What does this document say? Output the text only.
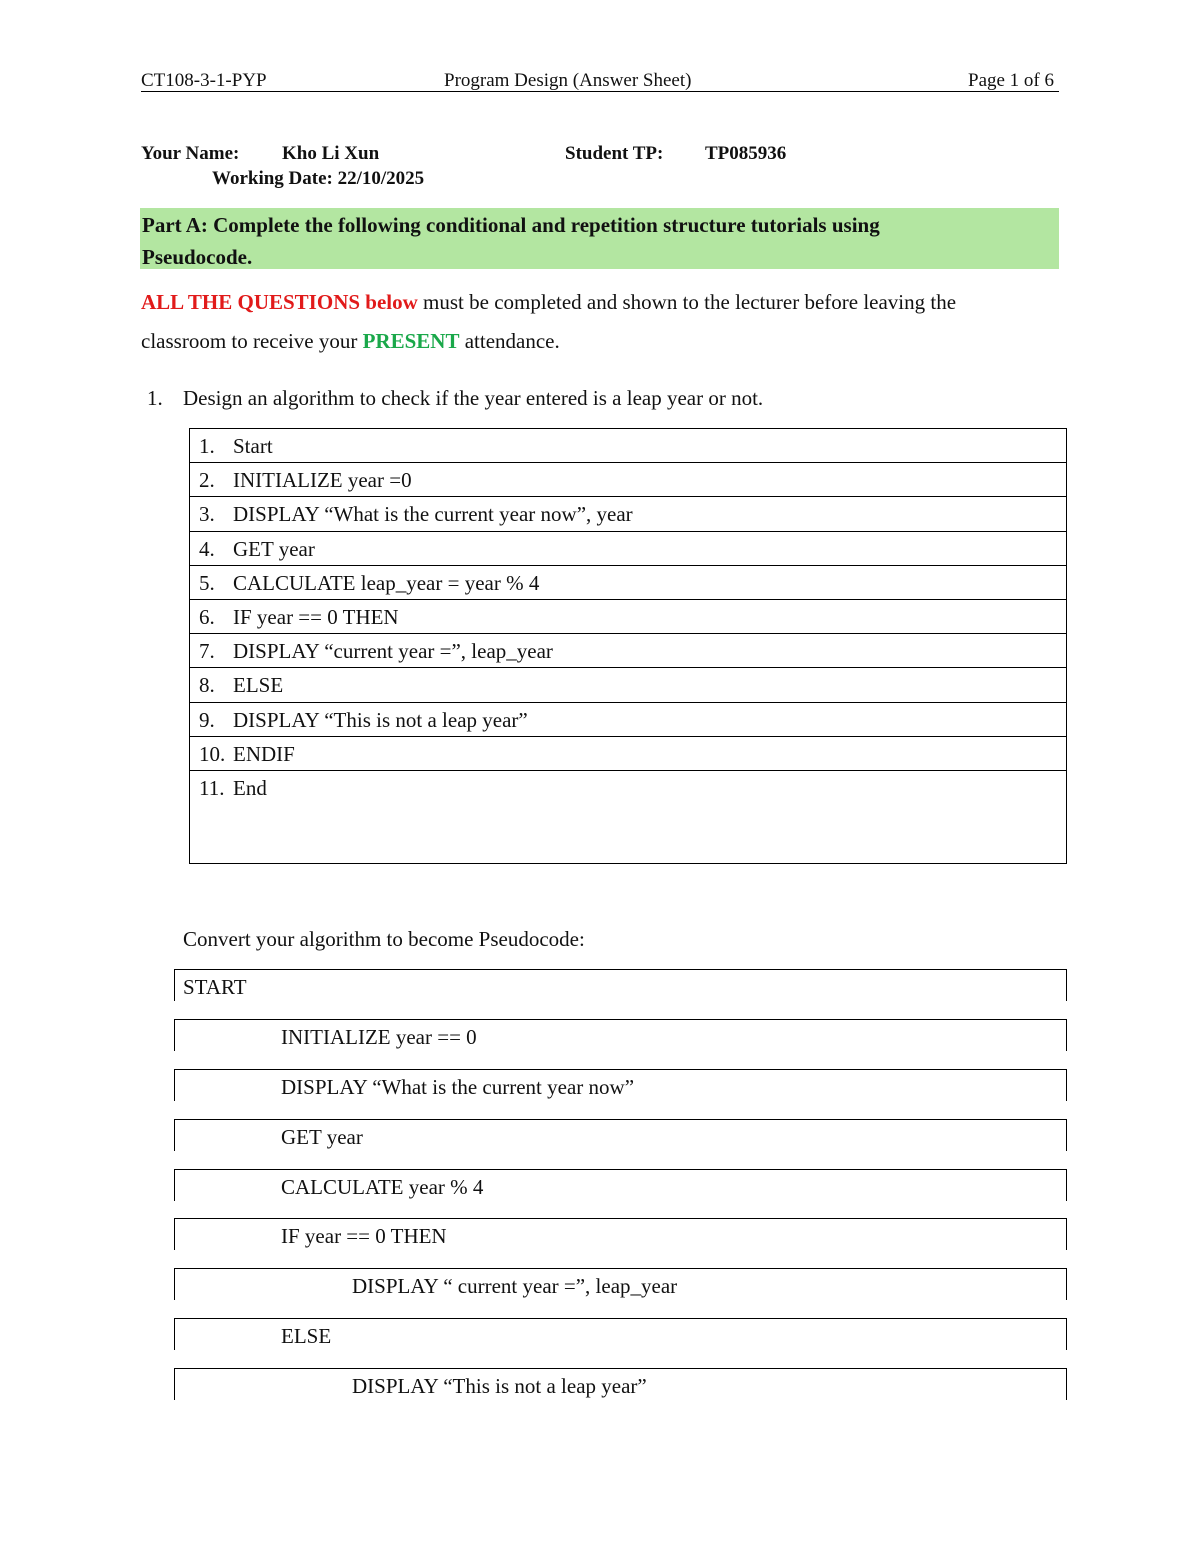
CT108-3-1-PYP	Program Design (Answer Sheet)	Page 1 of 6
Your Name: Kho Li Xun	Student TP: TP085936
Working Date: 22/10/2025
Part A: Complete the following conditional and repetition structure tutorials using
Pseudocode.
ALL THE QUESTIONS below must be completed and shown to the lecturer before leaving the
classroom to receive your PRESENT attendance.
1. Design an algorithm to check if the year entered is a leap year or not.
1. Start
2. INITIALIZE year =0
3. DISPLAY “What is the current year now”, year
4. GET year
5. CALCULATE leap_year = year % 4
6. IF year == 0 THEN
7. DISPLAY “current year =”, leap_year
8. ELSE
9. DISPLAY “This is not a leap year”
10. ENDIF
11. End
Convert your algorithm to become Pseudocode:
START
INITIALIZE year == 0
DISPLAY “What is the current year now”
GET year
CALCULATE year % 4
IF year == 0 THEN
DISPLAY “ current year =”, leap_year
ELSE
DISPLAY “This is not a leap year”
